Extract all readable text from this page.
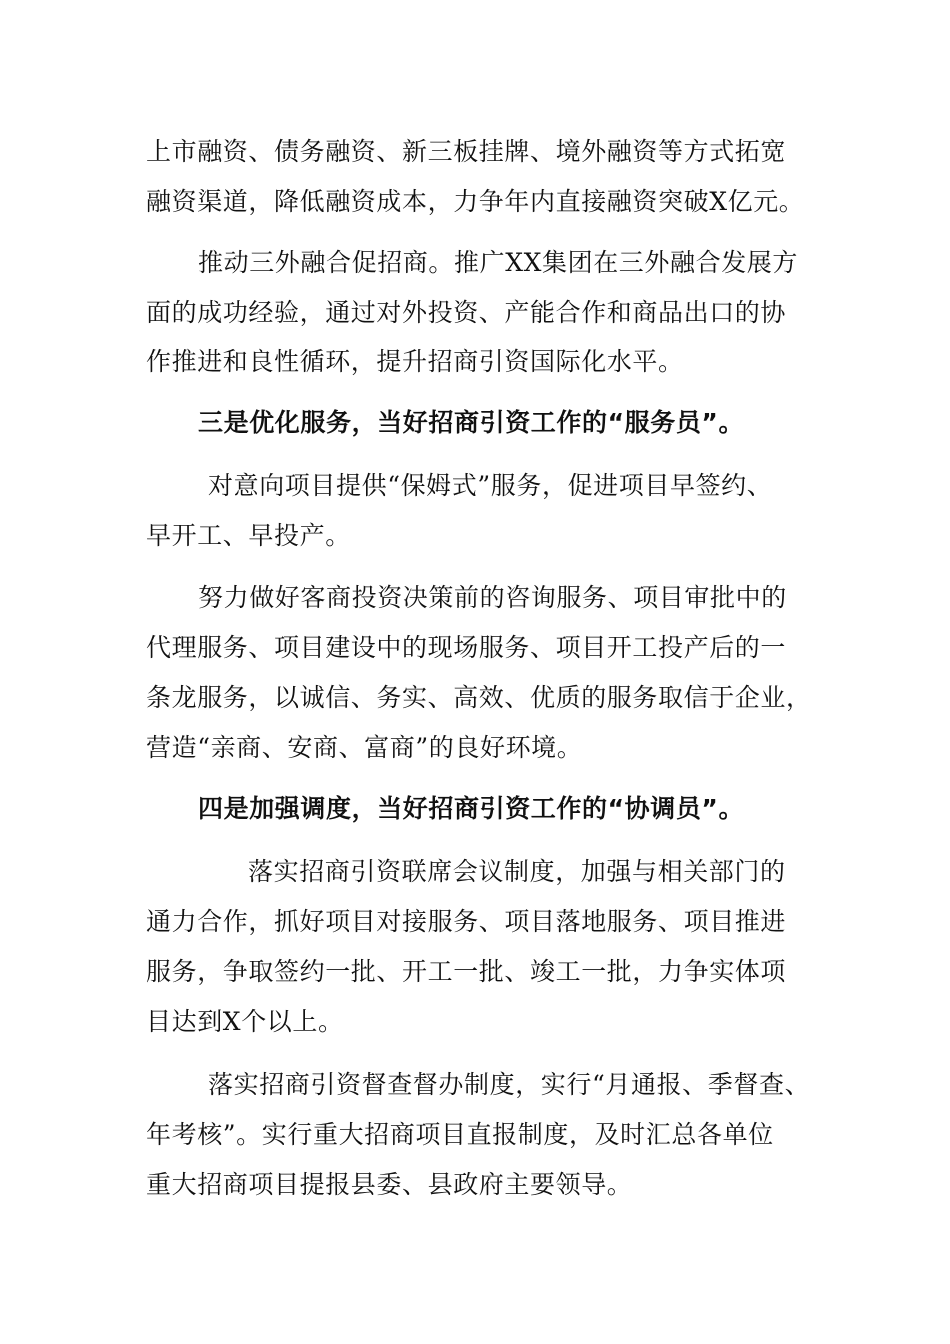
上市融资、债务融资、新三板挂牌、境外融资等方式拓宽
融资渠道，降低融资成本，力争年内直接融资突破X亿元。
推动三外融合促招商。推广XX集团在三外融合发展方
面的成功经验，通过对外投资、产能合作和商品出口的协
作推进和良性循环，提升招商引资国际化水平。
三是优化服务，当好招商引资工作的“服务员”。
对意向项目提供“保姆式”服务，促进项目早签约、
早开工、早投产。
努力做好客商投资决策前的咨询服务、项目审批中的
代理服务、项目建设中的现场服务、项目开工投产后的一
条龙服务，以诚信、务实、高效、优质的服务取信于企业，
营造“亲商、安商、富商”的良好环境。
四是加强调度，当好招商引资工作的“协调员”。
落实招商引资联席会议制度，加强与相关部门的
通力合作，抓好项目对接服务、项目落地服务、项目推进
服务，争取签约一批、开工一批、竣工一批，力争实体项
目达到X个以上。
落实招商引资督查督办制度，实行“月通报、季督查、
年考核”。实行重大招商项目直报制度，及时汇总各单位
重大招商项目提报县委、县政府主要领导。
